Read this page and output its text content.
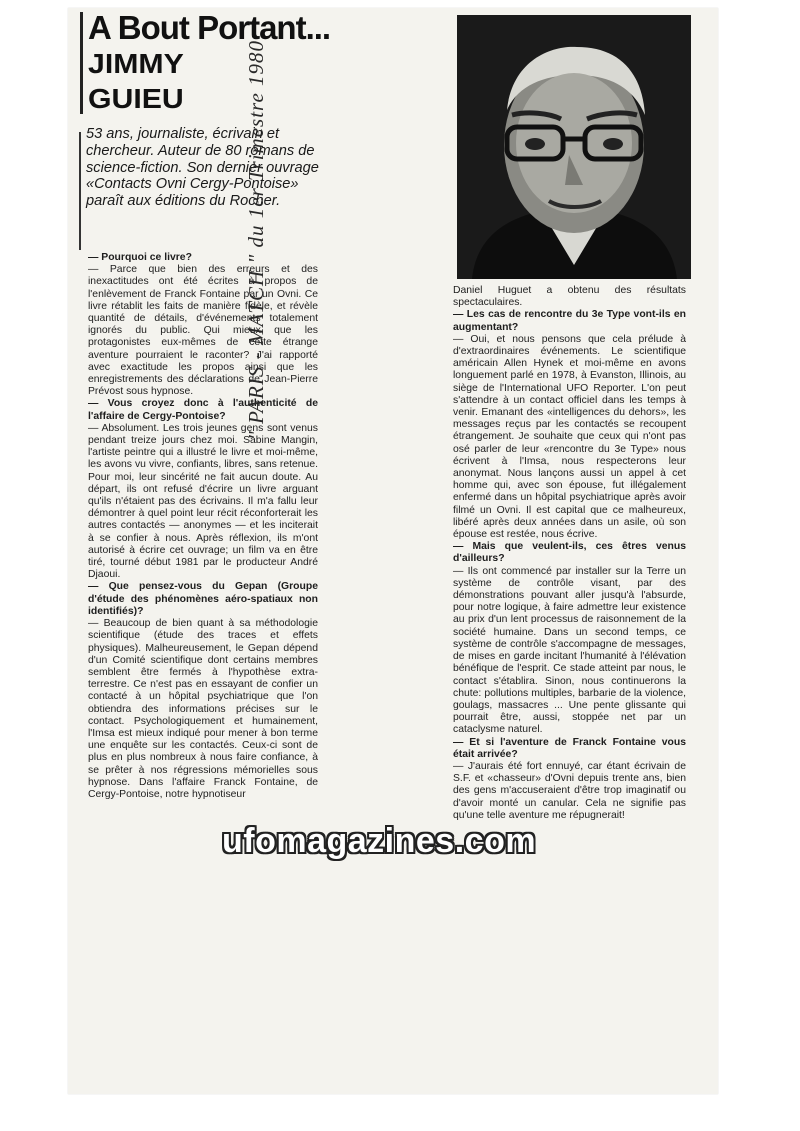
A Bout Portant...
JIMMY
GUIEU

53 ans, journaliste, écrivain et chercheur. Auteur de 80 romans de science-fiction. Son dernier ouvrage «Contacts Ovni Cergy-Pontoise» paraît aux éditions du Rocher.

— Pourquoi ce livre?

— Parce que bien des erreurs et des inexactitudes ont été écrites à propos de l'enlèvement de Franck Fontaine par un Ovni. Ce livre rétablit les faits de manière fidèle, et révèle quantité de détails, d'événements totalement ignorés du public. Qui mieux que les protagonistes eux-mêmes de cette étrange aventure pourraient le raconter? J'ai rapporté avec exactitude les propos ainsi que les enregistrements des déclarations de Jean-Pierre Prévost sous hypnose.

— Vous croyez donc à l'authenticité de l'affaire de Cergy-Pontoise?

— Absolument. Les trois jeunes gens sont venus pendant treize jours chez moi. Sabine Mangin, l'artiste peintre qui a illustré le livre et moi-même, les avons vu vivre, confiants, libres, sans retenue. Pour moi, leur sincérité ne fait aucun doute. Au départ, ils ont refusé d'écrire un livre arguant qu'ils n'étaient pas des écrivains. Il m'a fallu leur démontrer à quel point leur récit réconforterait les autres contactés — anonymes — et les inciterait à se confier à nous. Après réflexion, ils m'ont autorisé à écrire cet ouvrage; un film va en être tiré, tourné début 1981 par le producteur André Djaoui.

— Que pensez-vous du Gepan (Groupe d'étude des phénomènes aéro-spatiaux non identifiés)?

— Beaucoup de bien quant à sa méthodologie scientifique (étude des traces et effets physiques). Malheureusement, le Gepan dépend d'un Comité scientifique dont certains membres semblent être fermés à l'hypothèse extra-terrestre. Ce n'est pas en essayant de confier un contacté à un hôpital psychiatrique que l'on obtiendra des informations précises sur le contact. Psychologiquement et humainement, l'Imsa est mieux indiqué pour mener à bon terme une enquête sur les contactés. Ceux-ci sont de plus en plus nombreux à nous faire confiance, à se prêter à nos régressions mémorielles sous hypnose. Dans l'affaire Franck Fontaine, de Cergy-Pontoise, notre hypnotiseur

Daniel Huguet a obtenu des résultats spectaculaires.

— Les cas de rencontre du 3e Type vont-ils en augmentant?

— Oui, et nous pensons que cela prélude à d'extraordinaires événements. Le scientifique américain Allen Hynek et moi-même en avons longuement parlé en 1978, à Evanston, Illinois, au siège de l'International UFO Reporter. L'on peut s'attendre à un contact officiel dans les temps à venir. Emanant des «intelligences du dehors», les messages reçus par les contactés se recoupent étrangement. Je souhaite que ceux qui n'ont pas osé parler de leur «rencontre du 3e Type» nous écrivent à l'Imsa, nous respecterons leur anonymat. Nous lançons aussi un appel à cet homme qui, avec son épouse, fut illégalement enfermé dans un hôpital psychiatrique après avoir filmé un Ovni. Il est capital que ce malheureux, libéré après deux années dans un asile, où son épouse est restée, nous écrive.

— Mais que veulent-ils, ces êtres venus d'ailleurs?

— Ils ont commencé par installer sur la Terre un système de contrôle visant, par des démonstrations pouvant aller jusqu'à l'absurde, pour notre logique, à faire admettre leur existence au prix d'un lent processus de raisonnement de la société humaine. Dans un second temps, ce système de contrôle s'accompagne de messages, de mises en garde incitant l'humanité à l'élévation bénéfique de l'esprit. Ce stade atteint par nous, le contact s'établira. Sinon, nous continuerons la chute: pollutions multiples, barbarie de la violence, goulags, massacres ... Une pente glissante qui pourrait être, aussi, stoppée net par un cataclysme naturel.

— Et si l'aventure de Franck Fontaine vous était arrivée?

— J'aurais été fort ennuyé, car étant écrivain de S.F. et «chasseur» d'Ovni depuis trente ans, bien des gens m'accuseraient d'être trop imaginatif ou d'avoir monté un canular. Cela ne signifie pas qu'une telle aventure me répugnerait!

" PARIS - MATCH " du 1er Trimestre 1980
ufomagazines.com
